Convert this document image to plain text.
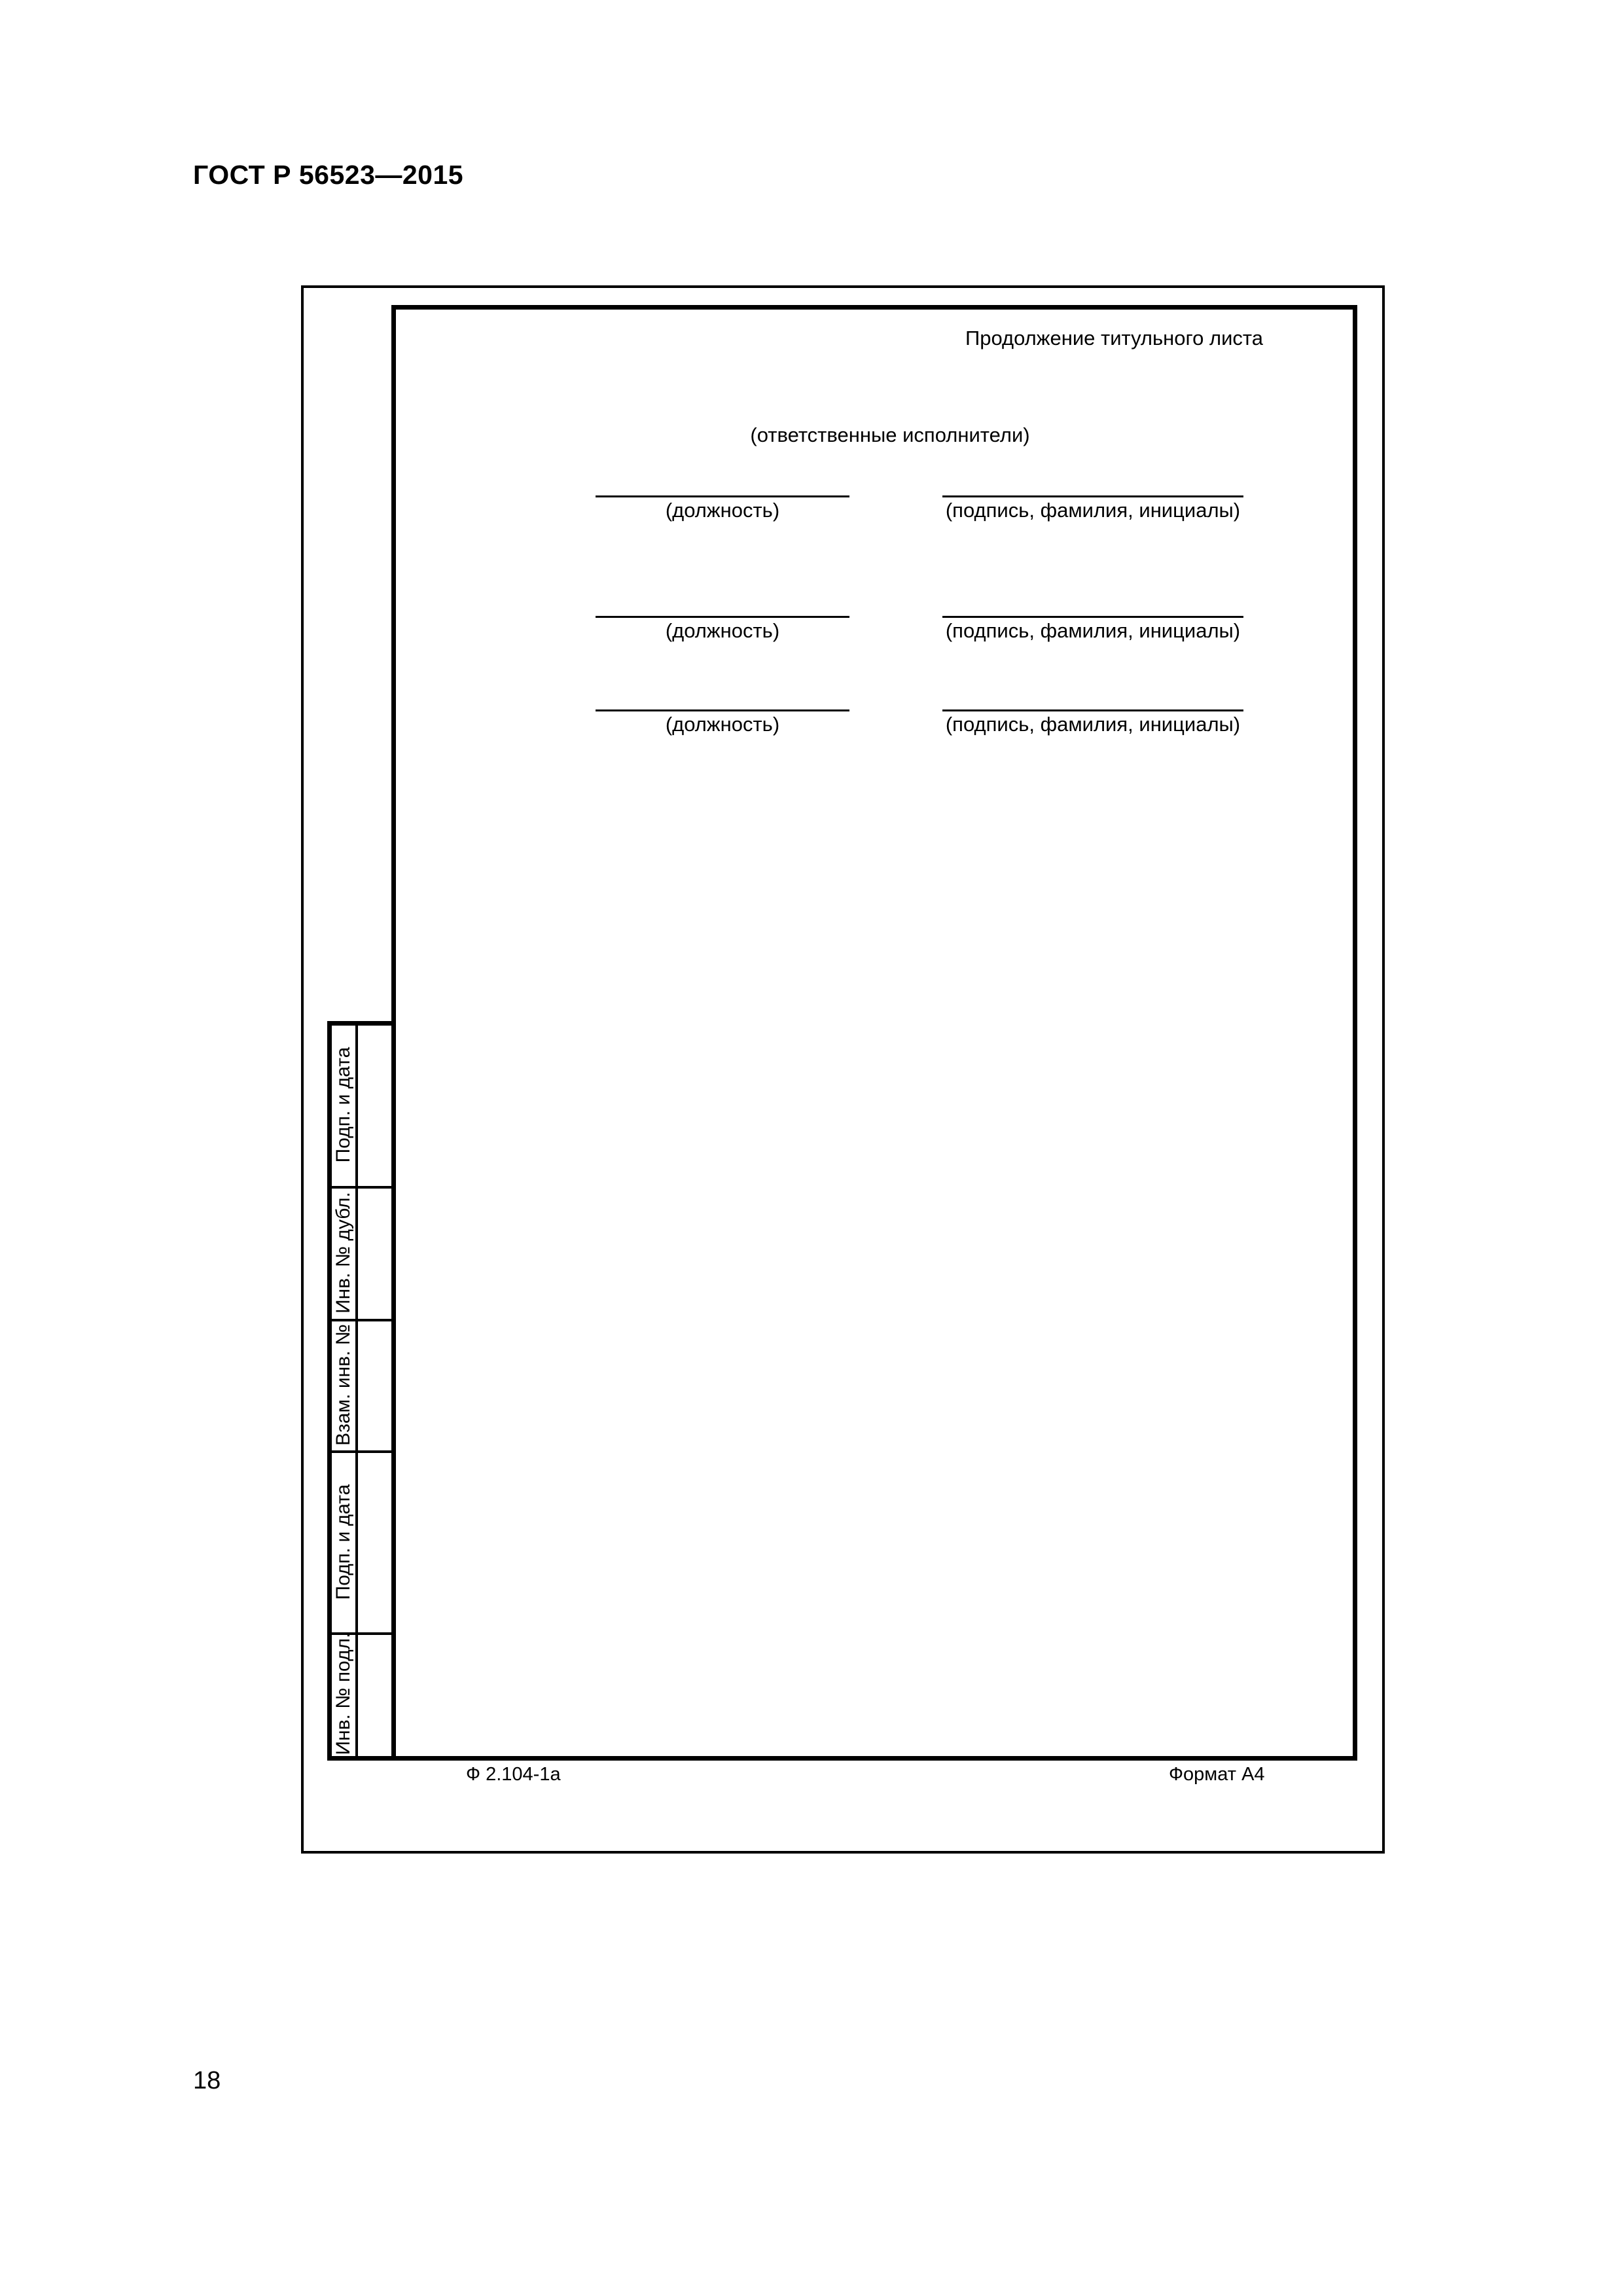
ГОСТ Р 56523—2015
Продолжение титульного листа
(ответственные исполнители)
(должность)	(подпись, фамилия, инициалы)
(должность)	(подпись, фамилия, инициалы)
(должность)	(подпись, фамилия, инициалы)
Подп. и дата
Инв. № дубл.
Взам. инв. №
Подп. и дата
Инв. № подл.
Ф 2.104-1а	Формат А4
18
